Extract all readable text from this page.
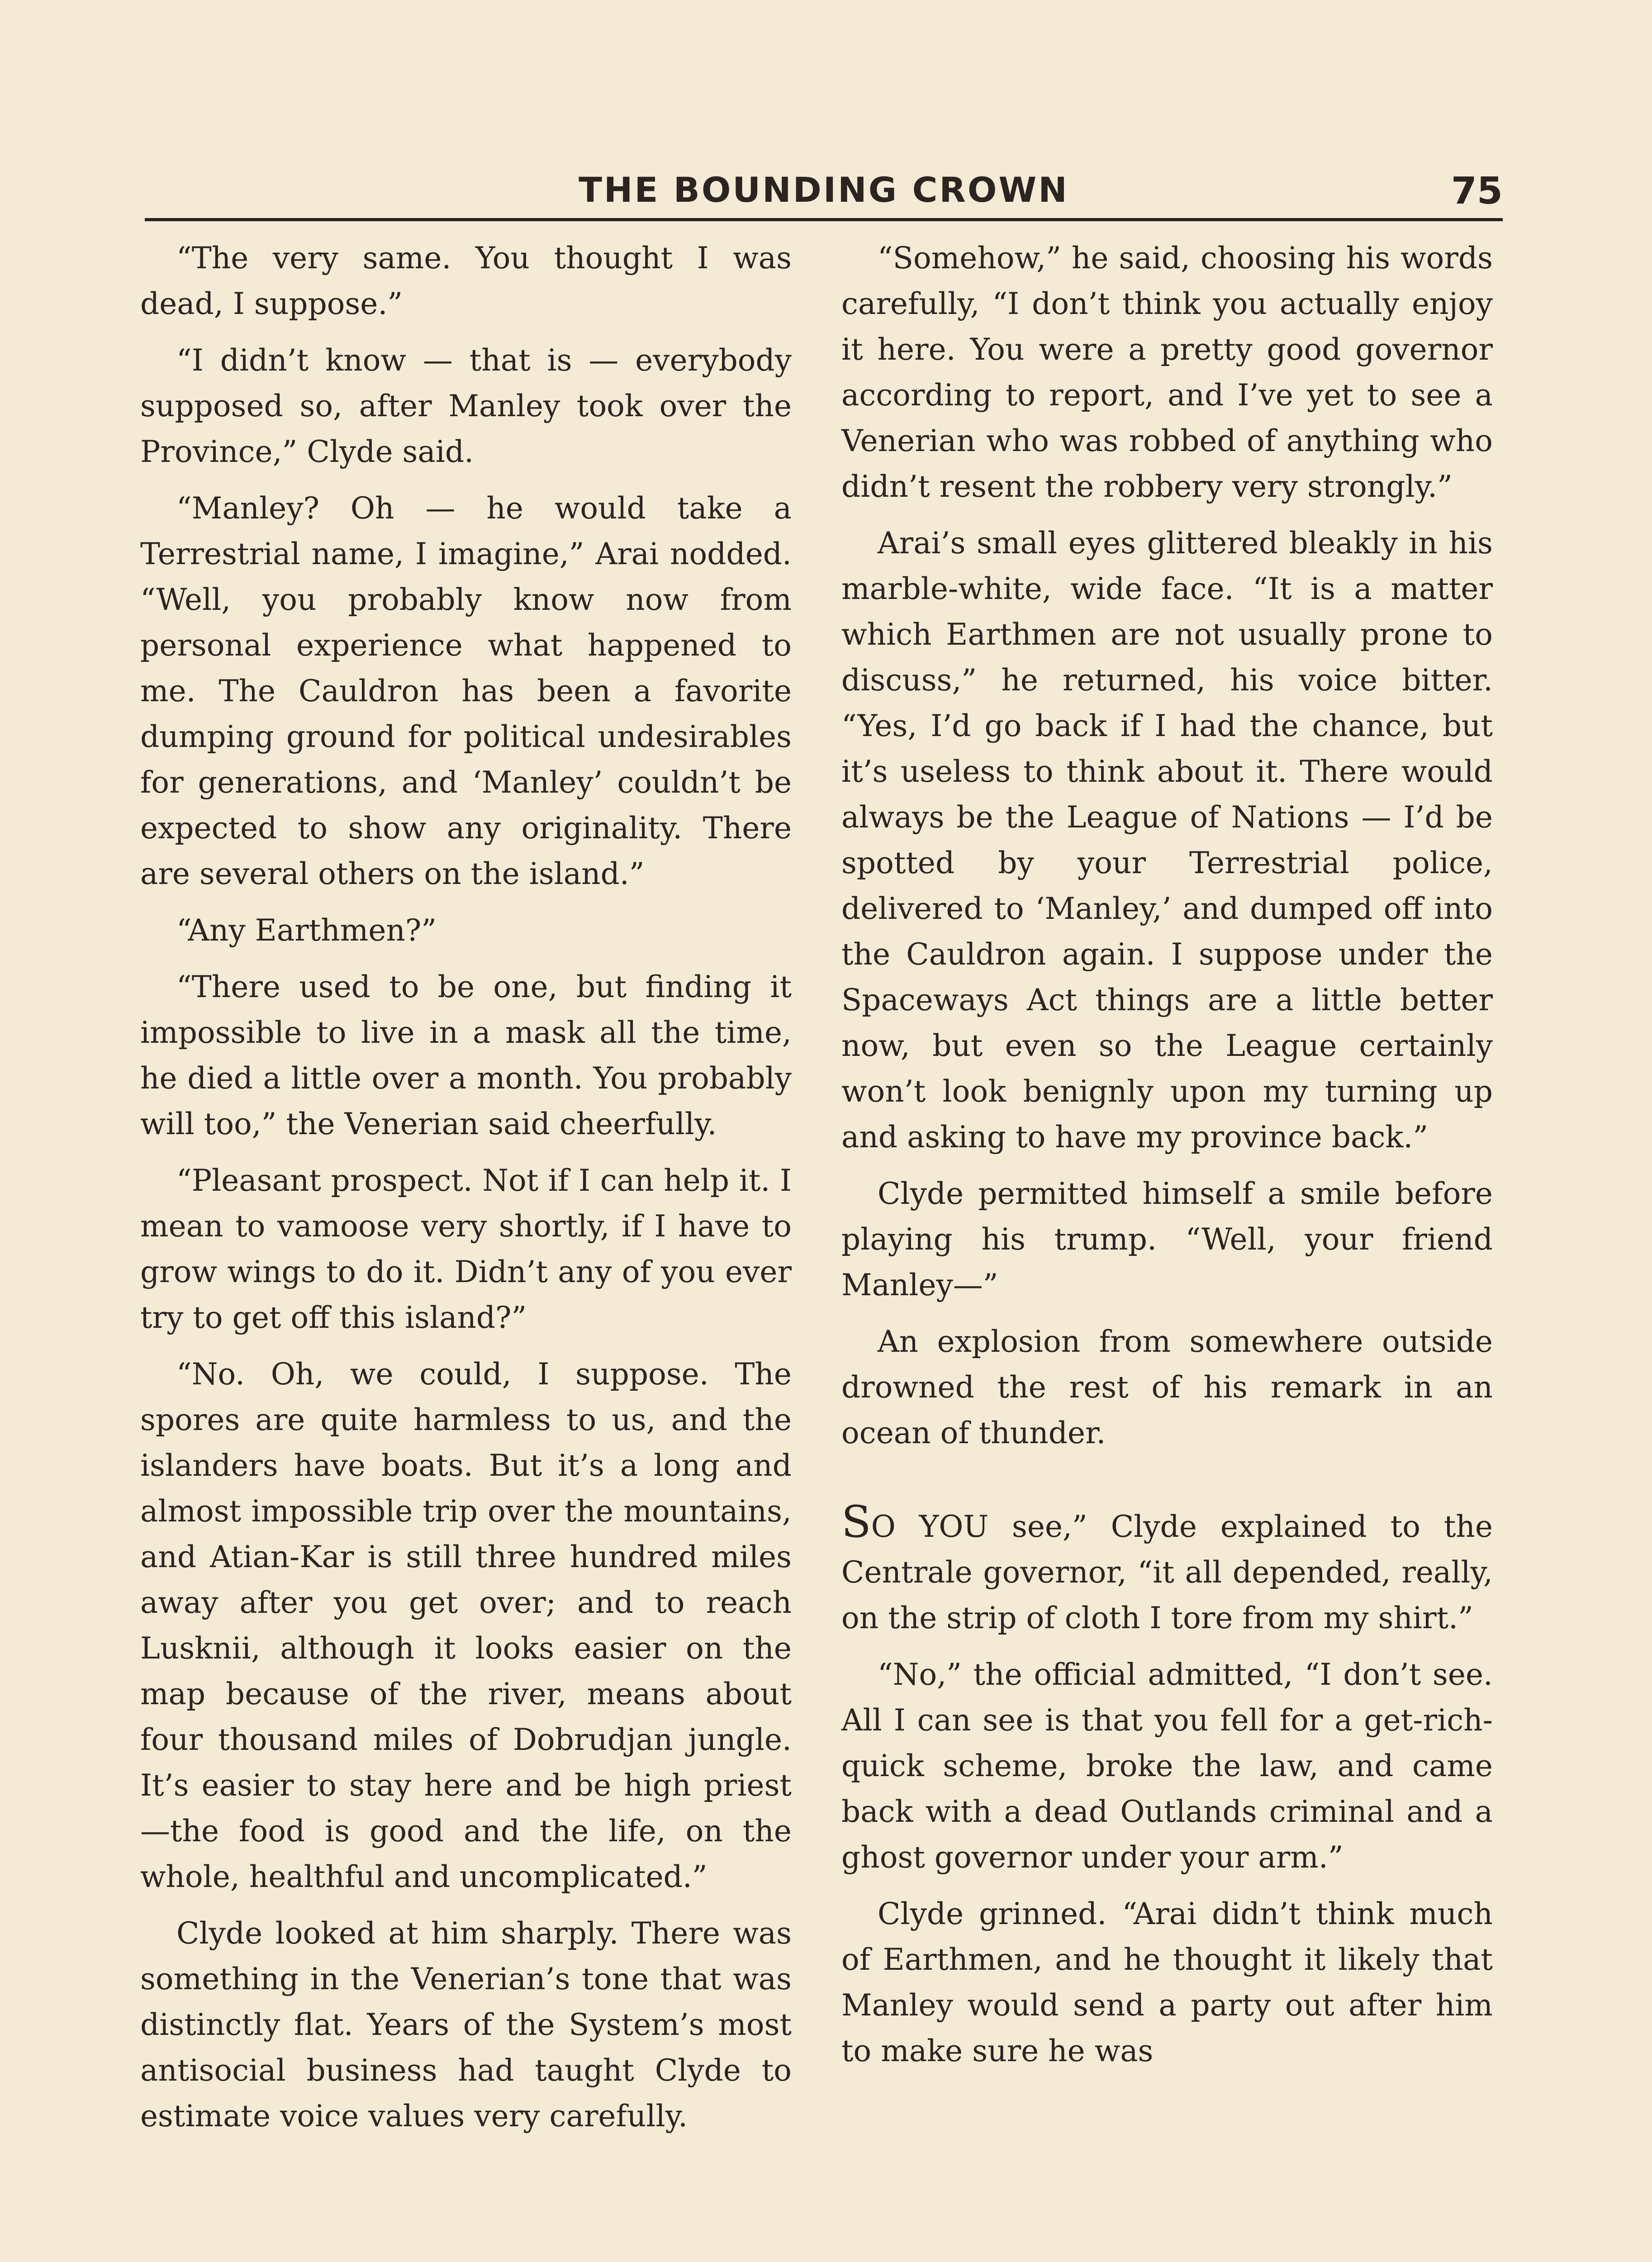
THE BOUNDING CROWN	75

“The very same. You thought I was dead, I suppose.”

“I didn’t know — that is — everybody supposed so, after Manley took over the Province,” Clyde said.

“Manley? Oh — he would take a Terrestrial name, I imagine,” Arai nodded. “Well, you probably know now from personal experience what happened to me. The Cauldron has been a favorite dumping ground for political undesirables for generations, and ‘Manley’ couldn’t be expected to show any originality. There are several others on the island.”

“Any Earthmen?”

“There used to be one, but finding it impossible to live in a mask all the time, he died a little over a month. You probably will too,” the Venerian said cheerfully.

“Pleasant prospect. Not if I can help it. I mean to vamoose very shortly, if I have to grow wings to do it. Didn’t any of you ever try to get off this island?”

“No. Oh, we could, I suppose. The spores are quite harmless to us, and the islanders have boats. But it’s a long and almost impossible trip over the mountains, and Atian-Kar is still three hundred miles away after you get over; and to reach Lusknii, although it looks easier on the map because of the river, means about four thousand miles of Dobrudjan jungle. It’s easier to stay here and be high priest—the food is good and the life, on the whole, healthful and uncomplicated.”

Clyde looked at him sharply. There was something in the Venerian’s tone that was distinctly flat. Years of the System’s most antisocial business had taught Clyde to estimate voice values very carefully.

“Somehow,” he said, choosing his words carefully, “I don’t think you actually enjoy it here. You were a pretty good governor according to report, and I’ve yet to see a Venerian who was robbed of anything who didn’t resent the robbery very strongly.”

Arai’s small eyes glittered bleakly in his marble-white, wide face. “It is a matter which Earthmen are not usually prone to discuss,” he returned, his voice bitter. “Yes, I’d go back if I had the chance, but it’s useless to think about it. There would always be the League of Nations — I’d be spotted by your Terrestrial police, delivered to ‘Manley,’ and dumped off into the Cauldron again. I suppose under the Spaceways Act things are a little better now, but even so the League certainly won’t look benignly upon my turning up and asking to have my province back.”

Clyde permitted himself a smile before playing his trump. “Well, your friend Manley—”

An explosion from somewhere outside drowned the rest of his remark in an ocean of thunder.

SO YOU see,” Clyde explained to the Centrale governor, “it all depended, really, on the strip of cloth I tore from my shirt.”

“No,” the official admitted, “I don’t see. All I can see is that you fell for a get-rich-quick scheme, broke the law, and came back with a dead Outlands criminal and a ghost governor under your arm.”

Clyde grinned. “Arai didn’t think much of Earthmen, and he thought it likely that Manley would send a party out after him to make sure he was
